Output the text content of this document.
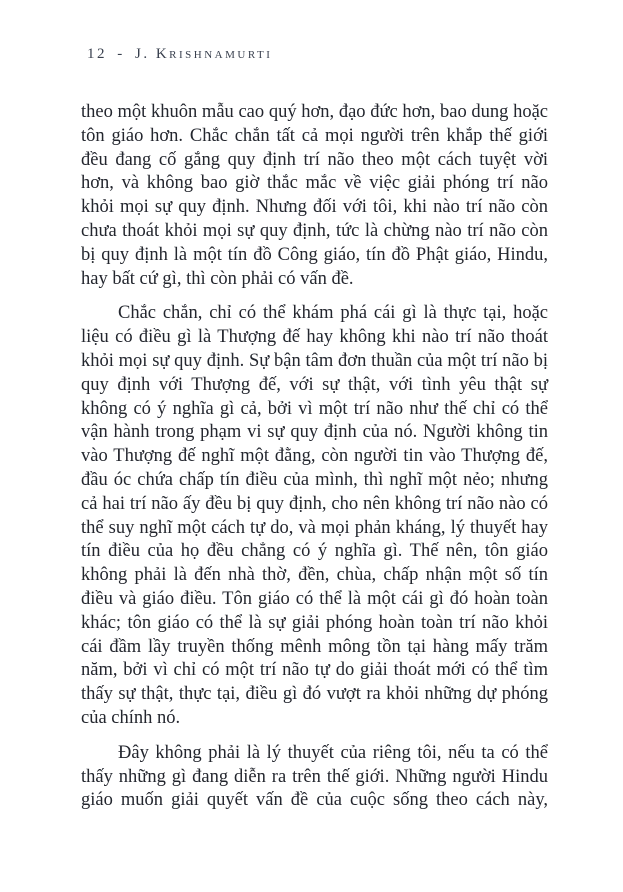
12 - J. Krishnamurti

theo một khuôn mẫu cao quý hơn, đạo đức hơn, bao dung hoặc tôn giáo hơn. Chắc chắn tất cả mọi người trên khắp thế giới đều đang cố gắng quy định trí não theo một cách tuyệt vời hơn, và không bao giờ thắc mắc về việc giải phóng trí não khỏi mọi sự quy định. Nhưng đối với tôi, khi nào trí não còn chưa thoát khỏi mọi sự quy định, tức là chừng nào trí não còn bị quy định là một tín đồ Công giáo, tín đồ Phật giáo, Hindu, hay bất cứ gì, thì còn phải có vấn đề.

Chắc chắn, chỉ có thể khám phá cái gì là thực tại, hoặc liệu có điều gì là Thượng đế hay không khi nào trí não thoát khỏi mọi sự quy định. Sự bận tâm đơn thuần của một trí não bị quy định với Thượng đế, với sự thật, với tình yêu thật sự không có ý nghĩa gì cả, bởi vì một trí não như thế chỉ có thể vận hành trong phạm vi sự quy định của nó. Người không tin vào Thượng đế nghĩ một đằng, còn người tin vào Thượng đế, đầu óc chứa chấp tín điều của mình, thì nghĩ một nẻo; nhưng cả hai trí não ấy đều bị quy định, cho nên không trí não nào có thể suy nghĩ một cách tự do, và mọi phản kháng, lý thuyết hay tín điều của họ đều chẳng có ý nghĩa gì. Thế nên, tôn giáo không phải là đến nhà thờ, đền, chùa, chấp nhận một số tín điều và giáo điều. Tôn giáo có thể là một cái gì đó hoàn toàn khác; tôn giáo có thể là sự giải phóng hoàn toàn trí não khỏi cái đầm lầy truyền thống mênh mông tồn tại hàng mấy trăm năm, bởi vì chỉ có một trí não tự do giải thoát mới có thể tìm thấy sự thật, thực tại, điều gì đó vượt ra khỏi những dự phóng của chính nó.

Đây không phải là lý thuyết của riêng tôi, nếu ta có thể thấy những gì đang diễn ra trên thế giới. Những người Hindu giáo muốn giải quyết vấn đề của cuộc sống theo cách này,
